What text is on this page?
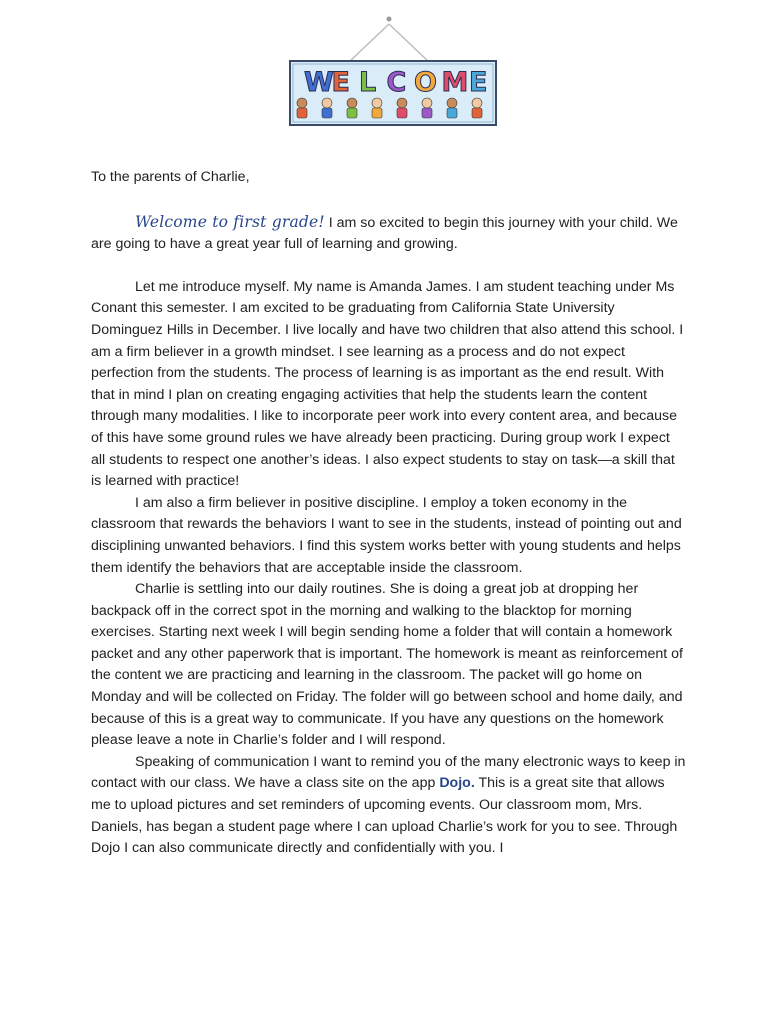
W
E L C O M E

To the parents of Charlie,

Welcome to first grade! I am so excited to begin this journey with your child. We are going to have a great year full of learning and growing.

Let me introduce myself. My name is Amanda James. I am student teaching under Ms Conant this semester. I am excited to be graduating from California State University Dominguez Hills in December. I live locally and have two children that also attend this school. I am a firm believer in a growth mindset. I see learning as a process and do not expect perfection from the students. The process of learning is as important as the end result. With that in mind I plan on creating engaging activities that help the students learn the content through many modalities. I like to incorporate peer work into every content area, and because of this have some ground rules we have already been practicing. During group work I expect all students to respect one another’s ideas. I also expect students to stay on task—a skill that is learned with practice!

I am also a firm believer in positive discipline. I employ a token economy in the classroom that rewards the behaviors I want to see in the students, instead of pointing out and disciplining unwanted behaviors. I find this system works better with young students and helps them identify the behaviors that are acceptable inside the classroom.

Charlie is settling into our daily routines. She is doing a great job at dropping her backpack off in the correct spot in the morning and walking to the blacktop for morning exercises. Starting next week I will begin sending home a folder that will contain a homework packet and any other paperwork that is important. The homework is meant as reinforcement of the content we are practicing and learning in the classroom. The packet will go home on Monday and will be collected on Friday. The folder will go between school and home daily, and because of this is a great way to communicate. If you have any questions on the homework please leave a note in Charlie’s folder and I will respond.

Speaking of communication I want to remind you of the many electronic ways to keep in contact with our class. We have a class site on the app Dojo. This is a great site that allows me to upload pictures and set reminders of upcoming events. Our classroom mom, Mrs. Daniels, has began a student page where I can upload Charlie’s work for you to see. Through Dojo I can also communicate directly and confidentially with you. I
